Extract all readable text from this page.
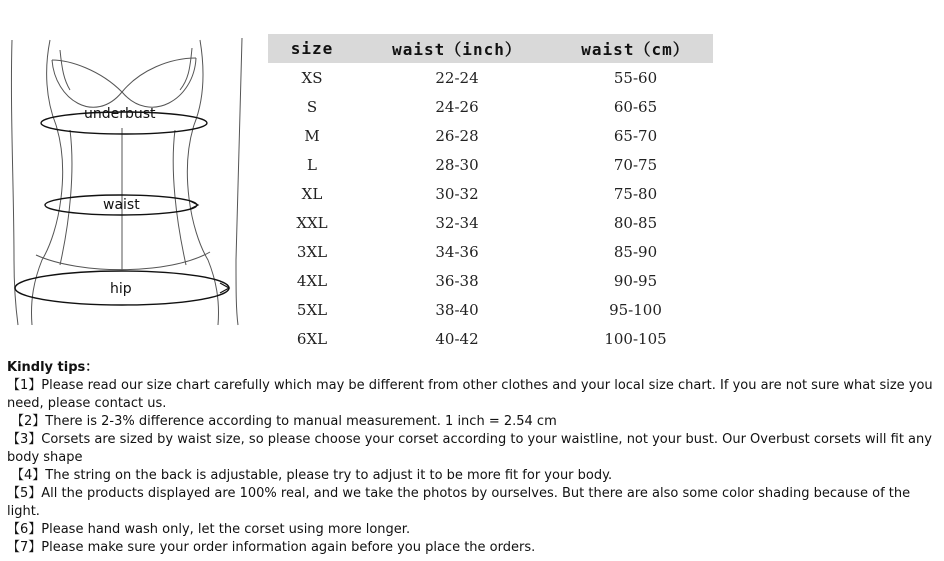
underbust
waist
hip
size	waist（inch）	waist（cm）
XS	22-24	55-60
S	24-26	60-65
M	26-28	65-70
L	28-30	70-75
XL	30-32	75-80
XXL	32-34	80-85
3XL	34-36	85-90
4XL	36-38	90-95
5XL	38-40	95-100
6XL	40-42	100-105
Kindly tips：
【1】Please read our size chart carefully which may be different from other clothes and your local size chart. If you are not sure what size you need, please contact us.
【2】There is 2-3% difference according to manual measurement. 1 inch = 2.54 cm
【3】Corsets are sized by waist size, so please choose your corset according to your waistline, not your bust. Our Overbust corsets will fit any body shape
【4】The string on the back is adjustable, please try to adjust it to be more fit for your body.
【5】All the products displayed are 100% real, and we take the photos by ourselves. But there are also some color shading because of the light.
【6】Please hand wash only, let the corset using more longer.
【7】Please make sure your order information again before you place the orders.
